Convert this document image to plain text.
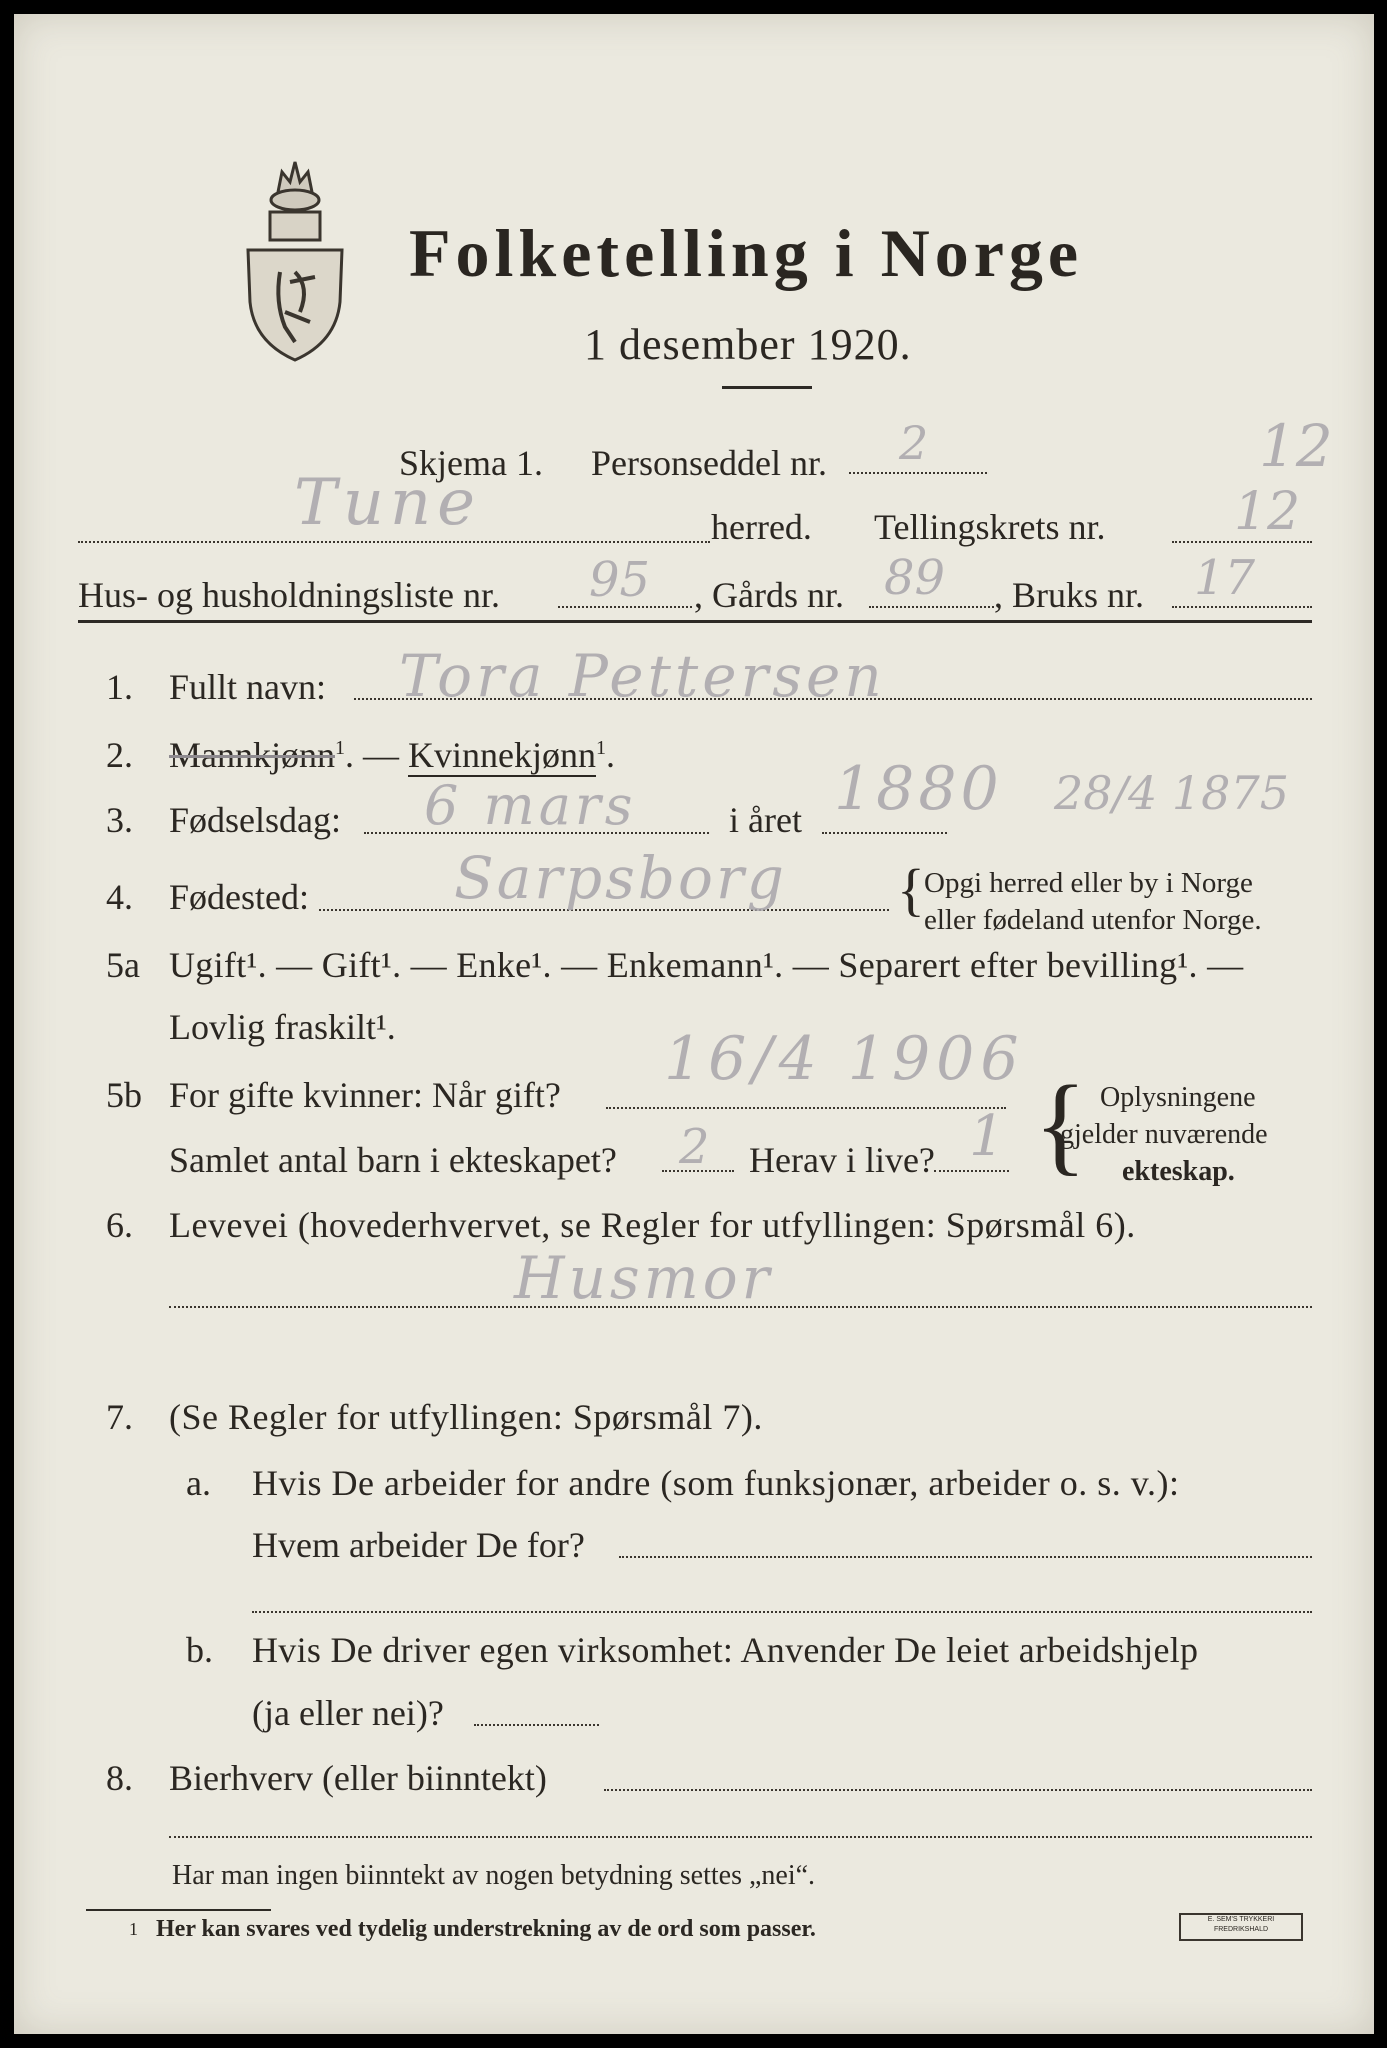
Folketelling i Norge
1 desember 1920.
Skjema 1. Personseddel nr. 2	12
Tune	herred. Tellingskrets nr. 12
Hus- og husholdningsliste nr. 95 , Gårds nr. 89 , Bruks nr. 17
1. Fullt navn: Tora Pettersen
2. Mannkjønn$^1$. — Kvinnekjønn$^1$.
3. Fødselsdag: 6 mars	i året 1880 28/4 1875
4. Fødested:	Sarpsborg { Opgi herred eller by i Norge
eller fødeland utenfor Norge.
5a Ugift¹. — Gift¹. — Enke¹. — Enkemann¹. — Separert efter bevilling¹. —
Lovlig fraskilt¹.
5b For gifte kvinner: Når gift?
16/4 1906
Samlet antal barn i ekteskapet? 2 Herav i live? 1 { Oplysningene
gjelder nuværende
ekteskap.
6. Levevei (hovederhvervet, se Regler for utfyllingen: Spørsmål 6).
Husmor
7. (Se Regler for utfyllingen: Spørsmål 7).
a. Hvis De arbeider for andre (som funksjonær, arbeider o. s. v.):
Hvem arbeider De for?
b. Hvis De driver egen virksomhet: Anvender De leiet arbeidshjelp
(ja eller nei)?
8. Bierhverv (eller biinntekt)
Har man ingen biinntekt av nogen betydning settes „nei“.
1 Her kan svares ved tydelig understrekning av de ord som passer.	E. SEM'S TRYKKERI
FREDRIKSHALD
